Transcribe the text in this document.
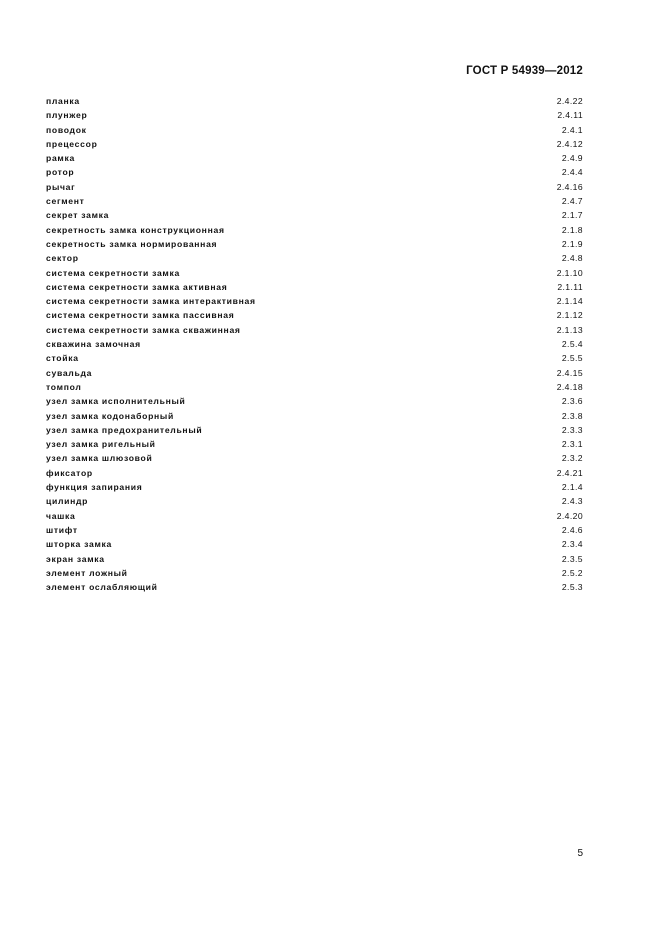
ГОСТ Р 54939—2012
планка	2.4.22
плунжер	2.4.11
поводок	2.4.1
прецессор	2.4.12
рамка	2.4.9
ротор	2.4.4
рычаг	2.4.16
сегмент	2.4.7
секрет замка	2.1.7
секретность замка конструкционная	2.1.8
секретность замка нормированная	2.1.9
сектор	2.4.8
система секретности замка	2.1.10
система секретности замка активная	2.1.11
система секретности замка интерактивная	2.1.14
система секретности замка пассивная	2.1.12
система секретности замка скважинная	2.1.13
скважина замочная	2.5.4
стойка	2.5.5
сувальда	2.4.15
томпол	2.4.18
узел замка исполнительный	2.3.6
узел замка кодонаборный	2.3.8
узел замка предохранительный	2.3.3
узел замка ригельный	2.3.1
узел замка шлюзовой	2.3.2
фиксатор	2.4.21
функция запирания	2.1.4
цилиндр	2.4.3
чашка	2.4.20
штифт	2.4.6
шторка замка	2.3.4
экран замка	2.3.5
элемент ложный	2.5.2
элемент ослабляющий	2.5.3
5
